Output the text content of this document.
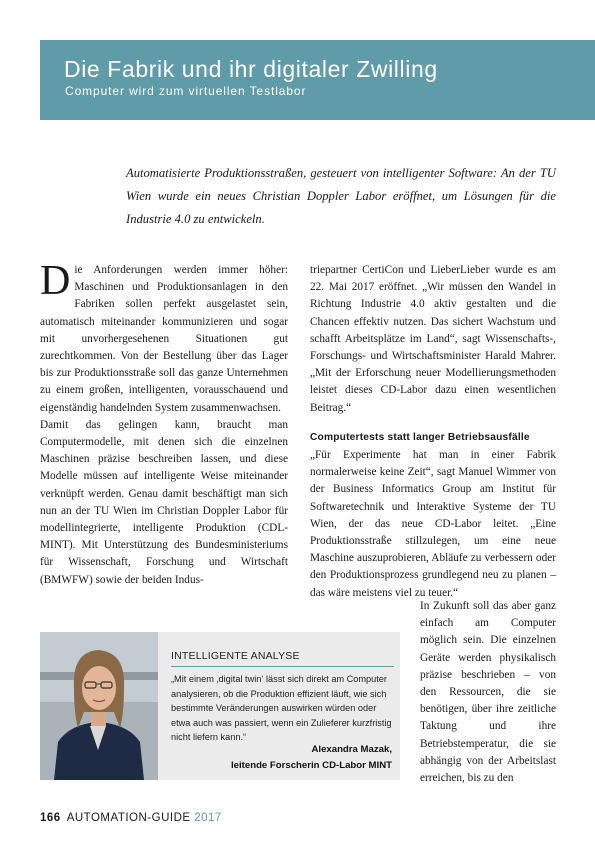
Die Fabrik und ihr digitaler Zwilling
Computer wird zum virtuellen Testlabor
Automatisierte Produktionsstraßen, gesteuert von intelligenter Software: An der TU Wien wurde ein neues Christian Doppler Labor eröffnet, um Lösungen für die Industrie 4.0 zu entwickeln.

Die Anforderungen werden immer höher: Maschinen und Produktionsanlagen in den Fabriken sollen perfekt ausgelastet sein, automatisch miteinander kommunizieren und sogar mit unvorhergesehenen Situationen gut zurechtkommen. Von der Bestellung über das Lager bis zur Produktionsstraße soll das ganze Unternehmen zu einem großen, intelligenten, vorausschauend und eigenständig handelnden System zusammenwachsen.

Damit das gelingen kann, braucht man Computermodelle, mit denen sich die einzelnen Maschinen präzise beschreiben lassen, und diese Modelle müssen auf intelligente Weise miteinander verknüpft werden. Genau damit beschäftigt man sich nun an der TU Wien im Christian Doppler Labor für modellintegrierte, intelligente Produktion (CDL-MINT). Mit Unterstützung des Bundesministeriums für Wissenschaft, Forschung und Wirtschaft (BMWFW) sowie der beiden Indus-

triepartner CertiCon und LieberLieber wurde es am 22. Mai 2017 eröffnet. „Wir müssen den Wandel in Richtung Industrie 4.0 aktiv gestalten und die Chancen effektiv nutzen. Das sichert Wachstum und schafft Arbeitsplätze im Land“, sagt Wissenschafts-, Forschungs- und Wirtschaftsminister Harald Mahrer. „Mit der Erforschung neuer Modellierungsmethoden leistet dieses CD-Labor dazu einen wesentlichen Beitrag.“

Computertests statt langer Betriebsausfälle

„Für Experimente hat man in einer Fabrik normalerweise keine Zeit“, sagt Manuel Wimmer von der Business Informatics Group am Institut für Softwaretechnik und Interaktive Systeme der TU Wien, der das neue CD-Labor leitet. „Eine Produktionsstraße stillzulegen, um eine neue Maschine auszuprobieren, Abläufe zu verbessern oder den Produktionsprozess grundlegend neu zu planen – das wäre meistens viel zu teuer.“

In Zukunft soll das aber ganz einfach am Computer möglich sein. Die einzelnen Geräte werden physikalisch präzise beschrieben – von den Ressourcen, die sie benötigen, über ihre zeitliche Taktung und ihre Betriebstemperatur, die sie abhängig von der Arbeitslast erreichen, bis zu den

INTELLIGENTE ANALYSE
„Mit einem ‚digital twin‘ lässt sich direkt am Computer analysieren, ob die Produktion effizient läuft, wie sich bestimmte Veränderungen auswirken würden oder etwa auch was passiert, wenn ein Zulieferer kurzfristig nicht liefern kann.“
Alexandra Mazak,
leitende Forscherin CD-Labor MINT
166 AUTOMATION-GUIDE 2017
